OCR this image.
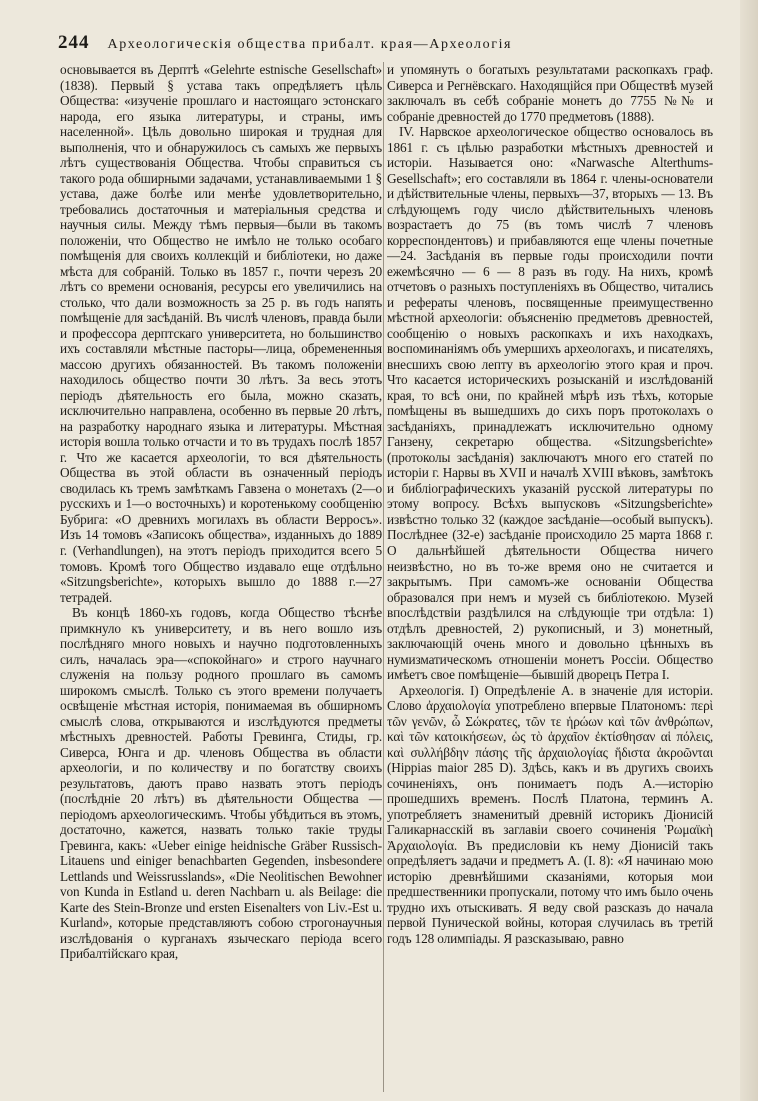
244 Археологическія общества прибалт. края—Археологія

основывается въ Дерптѣ «Gelehrte estnische Gesellschaft» (1838). Первый § устава такъ опредѣляетъ цѣль Общества: «изученіе прошлаго и настоящаго эстонскаго народа, его языка литературы, и страны, имъ населенной». Цѣль довольно широкая и трудная для выполненія, что и обнаружилось съ самыхъ же первыхъ лѣтъ существованія Общества. Чтобы справиться съ такого рода обширными задачами, устанавливаемыми 1 § устава, даже болѣе или менѣе удовлетворительно, требовались достаточныя и матеріальныя средства и научныя силы. Между тѣмъ первыя—были въ такомъ положеніи, что Общество не имѣло не только особаго помѣщенія для своихъ коллекцій и библіотеки, но даже мѣста для собраній. Только въ 1857 г., почти черезъ 20 лѣтъ со времени основанія, ресурсы его увеличились на столько, что дали возможность за 25 р. въ годъ напять помѣщеніе для засѣданій. Въ числѣ членовъ, правда были и профессора дерптскаго университета, но большинство ихъ составляли мѣстные пасторы—лица, обремененныя массою другихъ обязанностей. Въ такомъ положеніи находилось общество почти 30 лѣтъ. За весь этотъ періодъ дѣятельность его была, можно сказать, исключительно направлена, особенно въ первые 20 лѣтъ, на разработку народнаго языка и литературы. Мѣстная исторія вошла только отчасти и то въ трудахъ послѣ 1857 г. Что же касается археологіи, то вся дѣятельность Общества въ этой области въ означенный періодъ сводилась къ тремъ замѣткамъ Гавзена о монетахъ (2—о русскихъ и 1—о восточныхъ) и коротенькому сообщенію Бубрига: «О древнихъ могилахъ въ области Верросъ». Изъ 14 томовъ «Записокъ общества», изданныхъ до 1889 г. (Verhandlungen), на этотъ періодъ приходится всего 5 томовъ. Кромѣ того Общество издавало еще отдѣльно «Sitzungsberichte», которыхъ вышло до 1888 г.—27 тетрадей.

Въ концѣ 1860-хъ годовъ, когда Общество тѣснѣе примкнуло къ университету, и въ него вошло изъ послѣдняго много новыхъ и научно подготовленныхъ силъ, началась эра—«спокойнаго» и строго научнаго служенія на пользу родного прошлаго въ самомъ широкомъ смыслѣ. Только съ этого времени получаетъ освѣщеніе мѣстная исторія, понимаемая въ обширномъ смыслѣ слова, открываются и изслѣдуются предметы мѣстныхъ древностей. Работы Гревинга, Стиды, гр. Сиверса, Юнга и др. членовъ Общества въ области археологіи, и по количеству и по богатству своихъ результатовъ, даютъ право назвать этотъ періодъ (послѣдніе 20 лѣтъ) въ дѣятельности Общества — періодомъ археологическимъ. Чтобы убѣдиться въ этомъ, достаточно, кажется, назвать только такіе труды Гревинга, какъ: «Ueber einige heidnische Gräber Russisch-Litauens und einiger benachbarten Gegenden, insbesondere Lettlands und Weissrusslands», «Die Neolitischen Bewohner von Kunda in Estland u. deren Nachbarn u. als Beilage: die Karte des Stein-Bronze und ersten Eisenalters von Liv.-Est u. Kurland», которые представляютъ собою строгонаучныя изслѣдованія о курганахъ языческаго періода всего Прибалтійскаго края,

и упомянуть о богатыхъ результатами раскопкахъ граф. Сиверса и Регнёвскаго. Находящійся при Обществѣ музей заключалъ въ себѣ собраніе монетъ до 7755 №№ и собраніе древностей до 1770 предметовъ (1888).

IV. Нарвское археологическое общество основалось въ 1861 г. съ цѣлью разработки мѣстныхъ древностей и исторіи. Называется оно: «Narwasche Alterthums-Gesellschaft»; его составляли въ 1864 г. члены-основатели и дѣйствительные члены, первыхъ—37, вторыхъ — 13. Въ слѣдующемъ году число дѣйствительныхъ членовъ возрастаетъ до 75 (въ томъ числѣ 7 членовъ корреспондентовъ) и прибавляются еще члены почетные—24. Засѣданія въ первые годы происходили почти ежемѣсячно — 6 — 8 разъ въ году. На нихъ, кромѣ отчетовъ о разныхъ поступленіяхъ въ Общество, читались и рефераты членовъ, посвященные преимущественно мѣстной археологіи: объясненію предметовъ древностей, сообщенію о новыхъ раскопкахъ и ихъ находкахъ, воспоминаніямъ объ умершихъ археологахъ, и писателяхъ, внесшихъ свою лепту въ археологію этого края и проч. Что касается историческихъ розысканій и изслѣдованій края, то всѣ они, по крайней мѣрѣ изъ тѣхъ, которые помѣщены въ вышедшихъ до сихъ поръ протоколахъ о засѣданіяхъ, принадлежатъ исключительно одному Ганзену, секретарю общества. «Sitzungsberichte» (протоколы засѣданія) заключаютъ много его статей по исторіи г. Нарвы въ XVII и началѣ XVIII вѣковъ, замѣтокъ и библіографическихъ указаній русской литературы по этому вопросу. Всѣхъ выпусковъ «Sitzungsberichte» извѣстно только 32 (каждое засѣданіе—особый выпускъ). Послѣднее (32-е) засѣданіе происходило 25 марта 1868 г. О дальнѣйшей дѣятельности Общества ничего неизвѣстно, но въ то-же время оно не считается и закрытымъ. При самомъ-же основаніи Общества образовался при немъ и музей съ библіотекою. Музей впослѣдствіи раздѣлился на слѣдующіе три отдѣла: 1) отдѣлъ древностей, 2) рукописный, и 3) монетный, заключающій очень много и довольно цѣнныхъ въ нумизматическомъ отношеніи монетъ Россіи. Общество имѣетъ свое помѣщеніе—бывшій дворецъ Петра I.

Археологія. I) Опредѣленіе А. в значеніе для исторіи. Слово ἀρχαιολογία употреблено впервые Платономъ: περὶ τῶν γενῶν, ὦ Σώκρατες, τῶν τε ἡρώων καὶ τῶν ἀνθρώπων, καὶ τῶν κατοικήσεων, ὡς τὸ ἀρχαῖον ἐκτίσθησαν αἱ πόλεις, καὶ συλλήβδην πάσης τῆς ἀρχαιολογίας ἥδιστα ἀκροῶνται (Hippias maior 285 D). Здѣсь, какъ и въ другихъ своихъ сочиненіяхъ, онъ понимаетъ подъ А.—исторію прошедшихъ временъ. Послѣ Платона, терминъ А. употребляетъ знаменитый древній историкъ Діонисій Галикарнасскій въ заглавіи своего сочиненія Ῥωμαϊκὴ Ἀρχαιολογία. Въ предисловіи къ нему Діонисій такъ опредѣляетъ задачи и предметъ А. (I. 8): «Я начинаю мою исторію древнѣйшими сказаніями, которыя мои предшественники пропускали, потому что имъ было очень трудно ихъ отыскивать. Я веду свой разсказъ до начала первой Пунической войны, которая случилась въ третій годъ 128 олимпіады. Я разсказываю, равно
